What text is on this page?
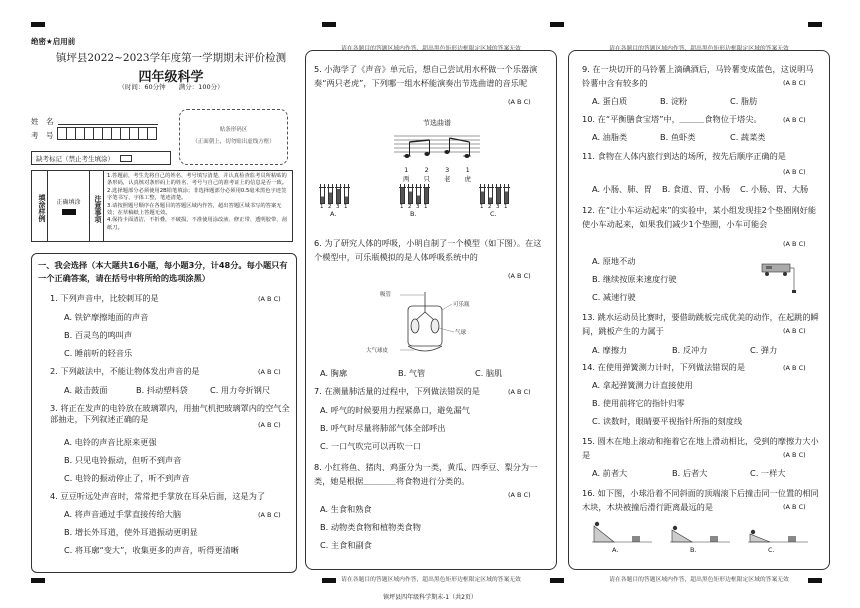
绝密★启用前
镇坪县2022~2023学年度第一学期期末评价检测
四年级科学
（时间：60分钟　　满分：100分）
姓　名
考　号
贴条形码区
（正面朝上，切勿贴出虚线方框）
缺考标记（禁止考生填涂）
填涂样例	正确填涂	注意事项
1.答题前，考生先将自己的姓名、考号填写清楚，并认真检查监考员所粘贴的条形码，认真核对条形码上的姓名、考号与自己的准考证上的信息是否一致。
2.选择题部分必须使用2B铅笔填涂；非选择题部分必须用0.5毫米黑色字迹签字笔书写，字体工整，笔迹清楚。
3.请按照题号顺序在各题目的答题区域内作答，超出答题区域书写的答案无效；在草稿纸上答题无效。
4.保持卡面清洁，不折叠，不破损，不准使用涂改液、修正带、透明胶带、刮纸刀。
一、我会选择（本大题共16小题，每小题3分，计48分。每小题只有一个正确答案，请在括号中将所给的选项涂黑）
1. 下列声音中，比较刺耳的是	(A B C)
A. 铁铲摩擦地面的声音
B. 百灵鸟的鸣叫声
C. 睡前听的轻音乐
2. 下列敲法中，不能让物体发出声音的是	(A B C)
A. 敲击鼓面	B. 抖动塑料袋	C. 用力夸折钢尺
3. 将正在发声的电铃放在玻璃罩内，用抽气机把玻璃罩内的空气全部抽走，下列叙述正确的是
(A B C)
A. 电铃的声音比原来更强
B. 只见电铃振动，但听不到声音
C. 电铃的振动停止了，听不到声音
4. 豆豆听远处声音时，常常把手掌放在耳朵后面，这是为了
A. 将声音通过手掌直接传给大脑	(A B C)
B. 增长外耳道，使外耳道振动更明显
C. 将耳廓“变大”，收集更多的声音，听得更清晰
请在各题目的答题区域内作答，超出黑色矩形边框限定区域的答案无效
请在各题目的答题区域内作答，超出黑色矩形边框限定区域的答案无效
5. 小海学了《声音》单元后，想自己尝试用水杯做一个乐器演奏“两只老虎”，下列哪一组水杯能演奏出节选曲谱的音乐呢
(A B C)
节选曲谱
1	2	3	1
两 只 老 虎
1 2 3 1
A.
1 2 3 1
B.
1 2 3 1
C.
6. 为了研究人体的呼吸，小明自制了一个模型（如下图）。在这个模型中，可乐瓶模拟的是人体呼吸系统中的
(A B C)
吸管
可乐瓶
气球
大气球皮
A. 胸廓	B. 气管	C. 脑肌
7. 在测量肺活量的过程中，下列做法错误的是	(A B C)
A. 呼气的时候要用力捏紧鼻口，避免漏气
B. 呼气时尽量将肺部气体全部呼出
C. 一口气吹完可以再吹一口
8. 小红将鱼、猪肉、鸡蛋分为一类，黄瓜、四季豆、梨分为一类，她是根据＿＿＿＿将食物进行分类的。
(A B C)
A. 生食和熟食
B. 动物类食物和植物类食物
C. 主食和副食
请在各题目的答题区域内作答，超出黑色矩形边框限定区域的答案无效
请在各题目的答题区域内作答，超出黑色矩形边框限定区域的答案无效
9. 在一块切开的马铃薯上滴碘酒后，马铃薯变成蓝色，这说明马铃薯中含有较多的	(A B C)
A. 蛋白质	B. 淀粉	C. 脂肪
10. 在“平衡膳食宝塔”中，＿＿＿食物位于塔尖。	(A B C)
A. 油脂类	B. 鱼虾类	C. 蔬菜类
11. 食物在人体内旅行到达的场所，按先后顺序正确的是
(A B C)
A. 小肠、肺、胃 B. 食道、胃、小肠 C. 小肠、胃、大肠
12. 在“让小车运动起来”的实验中，某小组发现挂2个垫圈刚好能使小车动起来，如果我们减少1个垫圈，小车可能会
(A B C)
A. 原地不动
B. 继续按原来速度行驶
C. 减速行驶
13. 跳水运动员比赛时，要借助跳板完成优美的动作，在起跳的瞬间，跳板产生的力属于	(A B C)
A. 摩擦力	B. 反冲力	C. 弹力
14. 在使用弹簧测力计时，下列做法错误的是	(A B C)
A. 拿起弹簧测力计直接使用
B. 使用前将它的指针归零
C. 读数时，眼睛要平视指针所指的刻度线
15. 圆木在地上滚动和拖着它在地上滑动相比，受到的摩擦力大小是	(A B C)
A. 前者大	B. 后者大	C. 一样大
16. 如下图，小球沿着不同斜面的顶端滚下后撞击同一位置的相同木块，木块被撞后滑行距离最远的是	(A B C)
A.	B.	C.
镇坪县四年级科学期末-1（共2页）
